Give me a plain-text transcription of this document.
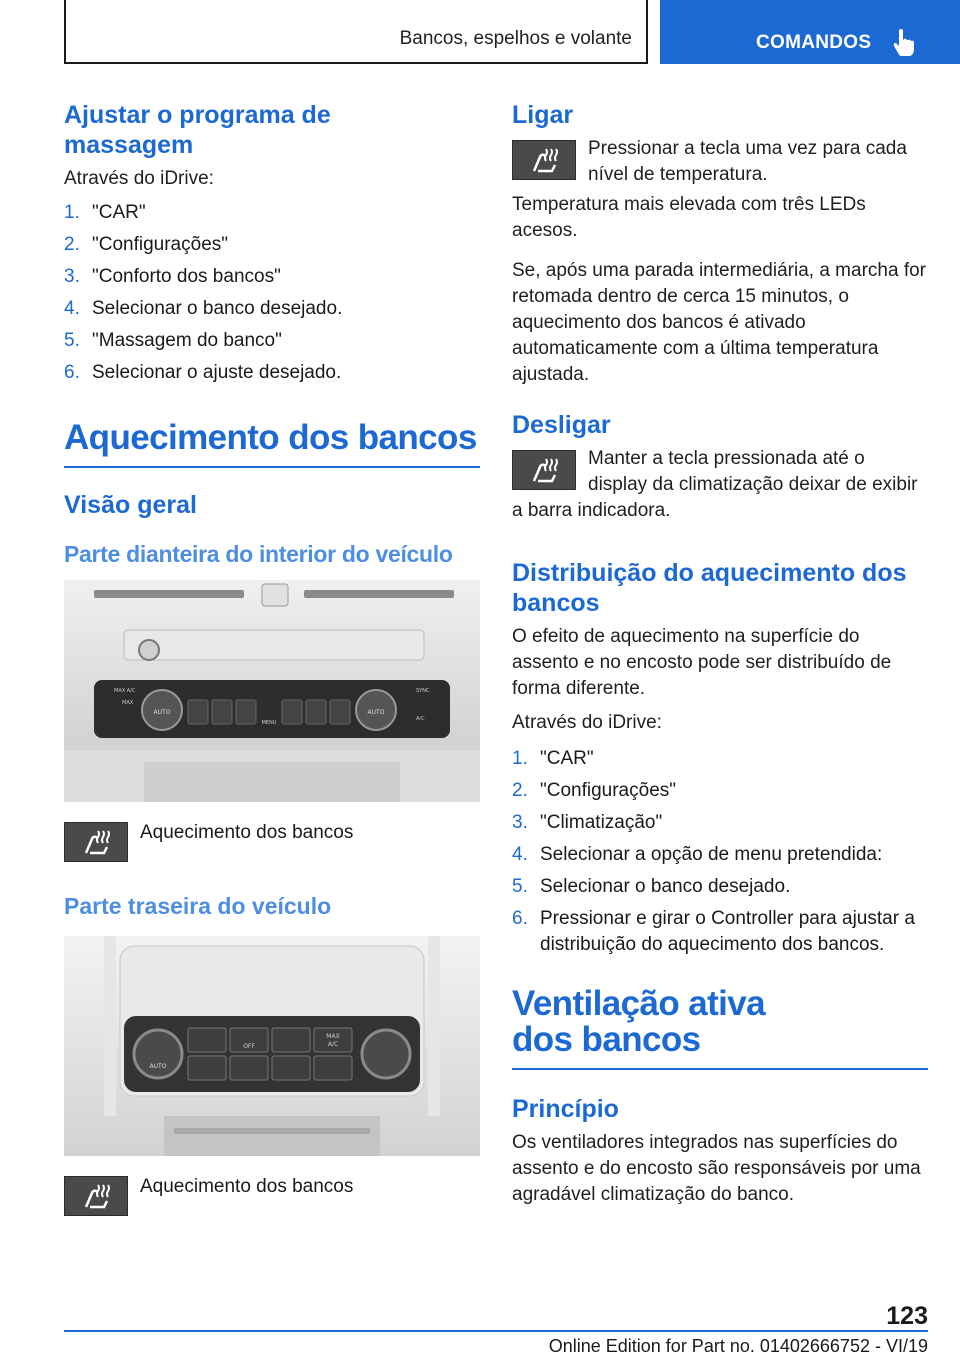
Bancos, espelhos e volante	COMANDOS
Ajustar o programa de massagem

Através do iDrive:

1. "CAR"
2. "Configurações"
3. "Conforto dos bancos"
4. Selecionar o banco desejado.
5. "Massagem do banco"
6. Selecionar o ajuste desejado.
Aquecimento dos bancos
Visão geral
Parte dianteira do interior do veículo
AUTO	AUTO
MAX A/C
MAX
SYNC
A/C
MENU
Aquecimento dos bancos
Parte traseira do veículo
AUTO
OFF
MAX
A/C
Aquecimento dos bancos
Ligar

Pressionar a tecla uma vez para cada nível de temperatura.

Temperatura mais elevada com três LEDs acesos.

Se, após uma parada intermediária, a marcha for retomada dentro de cerca 15 minutos, o aquecimento dos bancos é ativado automaticamente com a última temperatura ajustada.

Desligar

Manter a tecla pressionada até o display da climatização deixar de exibir a barra indicadora.

Distribuição do aquecimento dos bancos

O efeito de aquecimento na superfície do assento e no encosto pode ser distribuído de forma diferente.

Através do iDrive:

1. "CAR"
2. "Configurações"
3. "Climatização"
4. Selecionar a opção de menu pretendida:
5. Selecionar o banco desejado.
6. Pressionar e girar o Controller para ajustar a distribuição do aquecimento dos bancos.
Ventilação ativa dos bancos
Princípio

Os ventiladores integrados nas superfícies do assento e do encosto são responsáveis por uma agradável climatização do banco.

123
Online Edition for Part no. 01402666752 - VI/19
